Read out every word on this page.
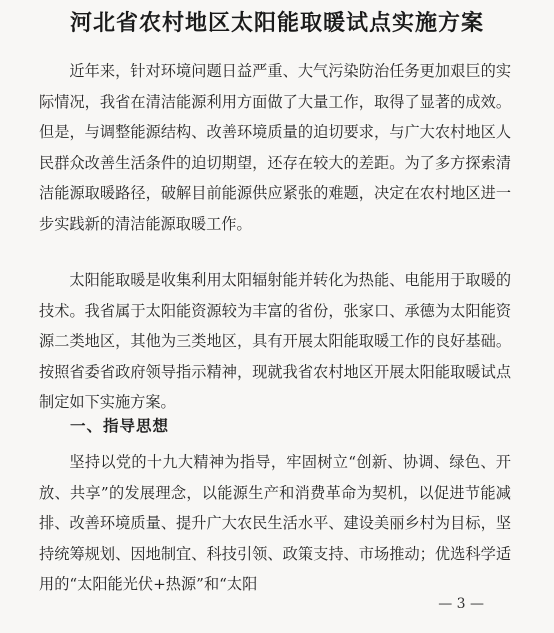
河北省农村地区太阳能取暖试点实施方案

近年来，针对环境问题日益严重、大气污染防治任务更加艰巨的实际情况，我省在清洁能源利用方面做了大量工作，取得了显著的成效。但是，与调整能源结构、改善环境质量的迫切要求，与广大农村地区人民群众改善生活条件的迫切期望，还存在较大的差距。为了多方探索清洁能源取暖路径，破解目前能源供应紧张的难题，决定在农村地区进一步实践新的清洁能源取暖工作。

太阳能取暖是收集利用太阳辐射能并转化为热能、电能用于取暖的技术。我省属于太阳能资源较为丰富的省份，张家口、承德为太阳能资源二类地区，其他为三类地区，具有开展太阳能取暖工作的良好基础。按照省委省政府领导指示精神，现就我省农村地区开展太阳能取暖试点制定如下实施方案。

一、指导思想

坚持以党的十九大精神为指导，牢固树立“创新、协调、绿色、开放、共享”的发展理念，以能源生产和消费革命为契机，以促进节能减排、改善环境质量、提升广大农民生活水平、建设美丽乡村为目标，坚持统筹规划、因地制宜、科技引领、政策支持、市场推动；优选科学适用的“太阳能光伏+热源”和“太阳

— 3 —
